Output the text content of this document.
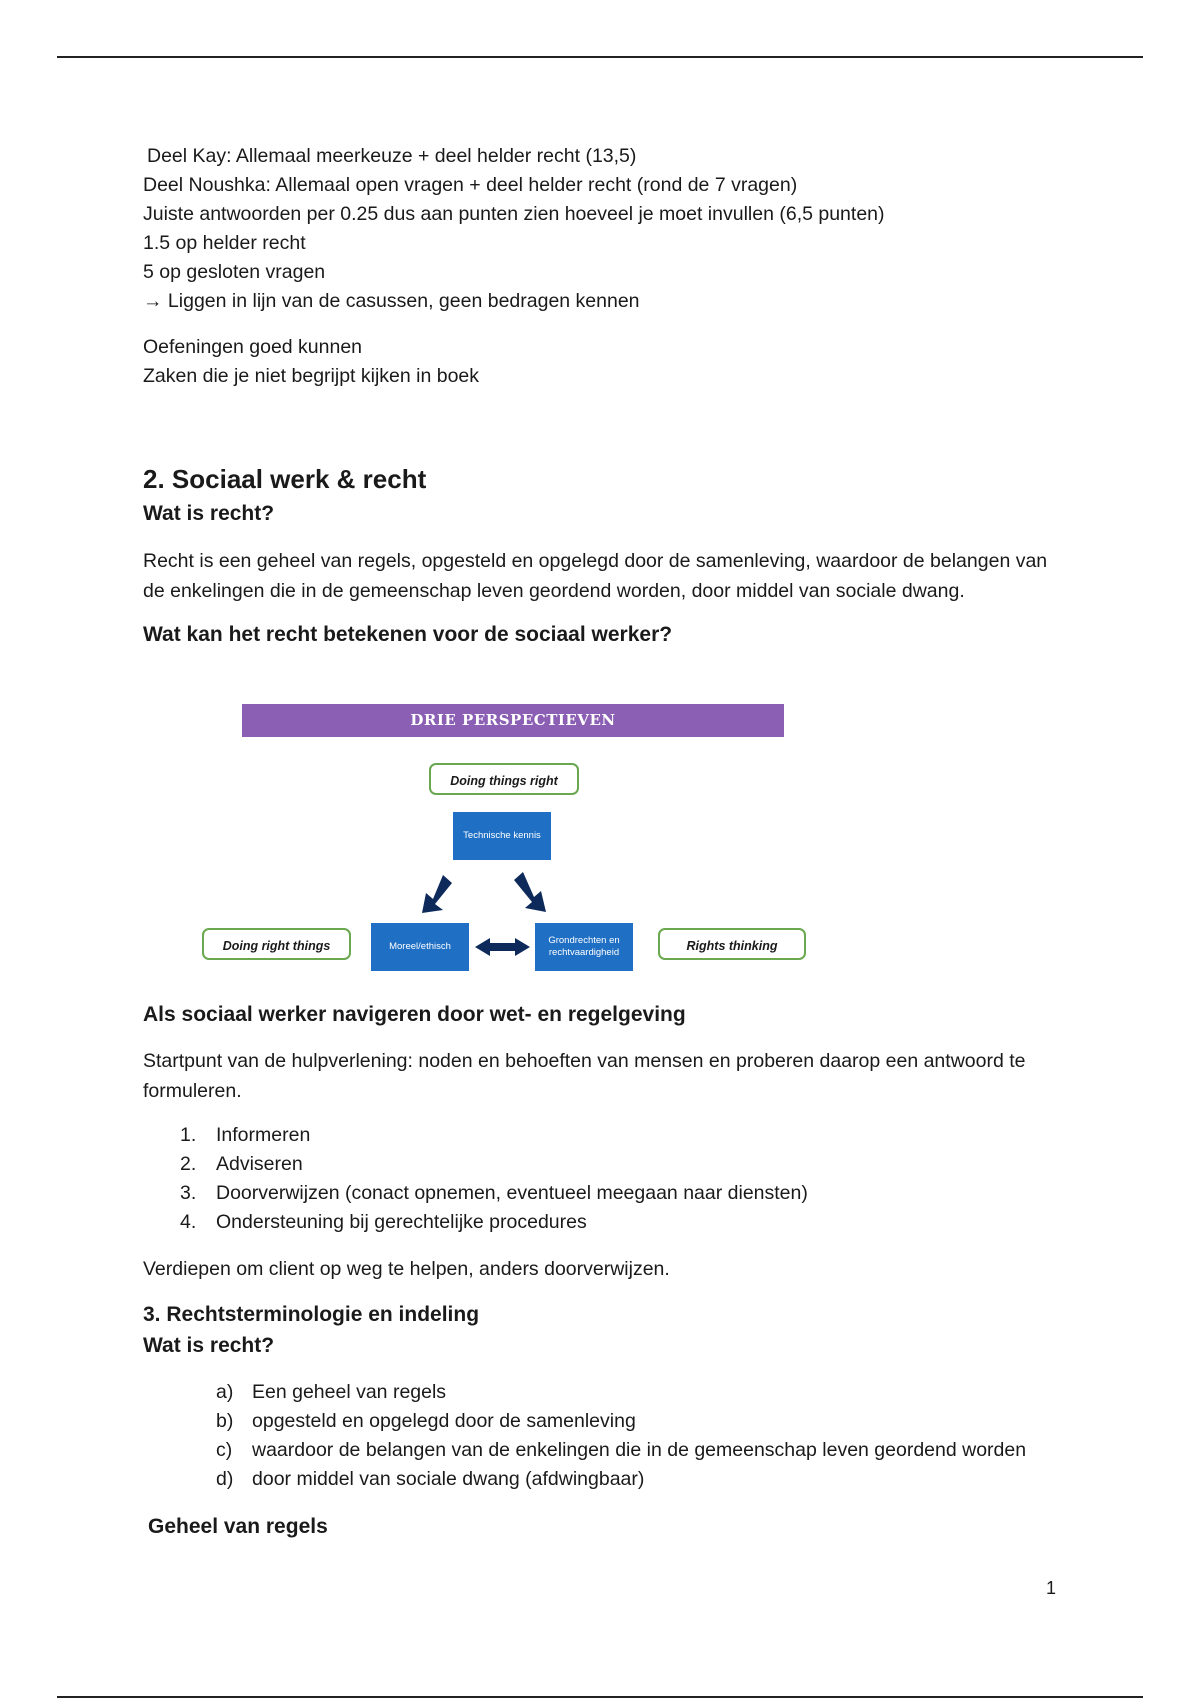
Deel Kay: Allemaal meerkeuze + deel helder recht (13,5)
Deel Noushka: Allemaal open vragen + deel helder recht (rond de 7 vragen)
Juiste antwoorden per 0.25 dus aan punten zien hoeveel je moet invullen (6,5 punten)
1.5 op helder recht
5 op gesloten vragen
→ Liggen in lijn van de casussen, geen bedragen kennen
Oefeningen goed kunnen
Zaken die je niet begrijpt kijken in boek
2. Sociaal werk & recht
Wat is recht?
Recht is een geheel van regels, opgesteld en opgelegd door de samenleving, waardoor de belangen van de enkelingen die in de gemeenschap leven geordend worden, door middel van sociale dwang.
Wat kan het recht betekenen voor de sociaal werker?
DRIE PERSPECTIEVEN
Doing things right
Technische kennis
Doing right things	Moreel/ethisch
Grondrechten en rechtvaardigheid	Rights thinking
Als sociaal werker navigeren door wet- en regelgeving
Startpunt van de hulpverlening: noden en behoeften van mensen en proberen daarop een antwoord te formuleren.
1. Informeren
2. Adviseren
3. Doorverwijzen (conact opnemen, eventueel meegaan naar diensten)
4. Ondersteuning bij gerechtelijke procedures
Verdiepen om client op weg te helpen, anders doorverwijzen.
3. Rechtsterminologie en indeling
Wat is recht?
a) Een geheel van regels
b) opgesteld en opgelegd door de samenleving
c) waardoor de belangen van de enkelingen die in de gemeenschap leven geordend worden
d) door middel van sociale dwang (afdwingbaar)
Geheel van regels
1
